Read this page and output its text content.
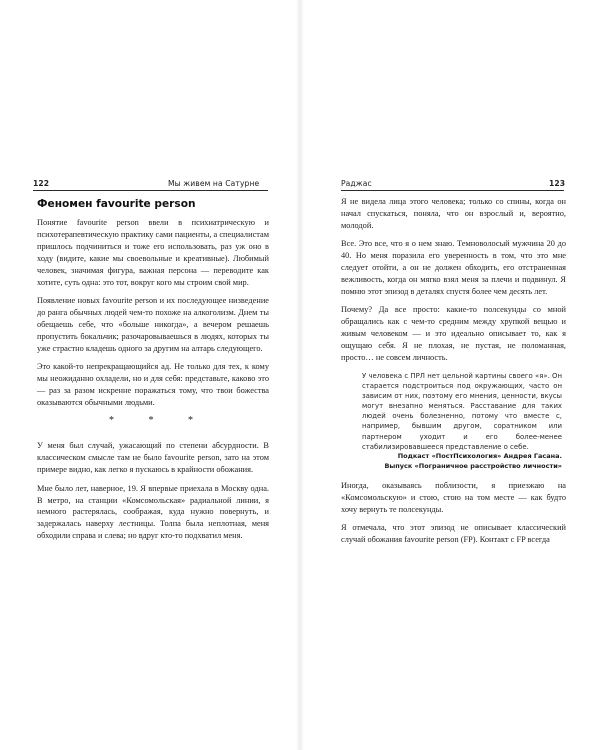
122	Мы живем на Сатурне
Феномен favourite person

Понятие favourite person ввели в психиатрическую и психотерапевтическую практику сами пациенты, а специалистам пришлось подчиниться и тоже его использовать, раз уж оно в ходу (видите, какие мы своевольные и креативные). Любимый человек, значимая фигура, важная персона — переводите как хотите, суть одна: это тот, вокруг кого мы строим свой мир.

Появление новых favourite person и их последующее низведение до ранга обычных людей чем-то похоже на алкоголизм. Днем ты обещаешь себе, что «больше никогда», а вечером решаешь пропустить бокальчик; разочаровываешься в людях, которых ты уже страстно кладешь одного за другим на алтарь следующего.

Это какой-то непрекращающийся ад. Не только для тех, к кому мы неожиданно охладели, но и для себя: представьте, каково это — раз за разом искренне поражаться тому, что твои божества оказываются обычными людьми.

* * *

У меня был случай, ужасающий по степени абсурдности. В классическом смысле там не было favourite person, зато на этом примере видно, как легко я пускаюсь в крайности обожания.

Мне было лет, наверное, 19. Я впервые приехала в Москву одна. В метро, на станции «Комсомольская» радиальной линии, я немного растерялась, соображая, куда нужно повернуть, и задержалась наверху лестницы. Толпа была неплотная, меня обходили справа и слева; но вдруг кто-то подхватил меня.

Раджас	123

Я не видела лица этого человека; только со спины, когда он начал спускаться, поняла, что он взрослый и, вероятно, молодой.

Все. Это все, что я о нем знаю. Темноволосый мужчина 20 до 40. Но меня поразила его уверенность в том, что это мне следует отойти, а он не должен обходить, его отстраненная вежливость, когда он мягко взял меня за плечи и подвинул. Я помню этот эпизод в деталях спустя более чем десять лет.

Почему? Да все просто: какие-то полсекунды со мной обращались как с чем-то средним между хрупкой вещью и живым человеком — и это идеально описывает то, как я ощущаю себя. Я не плохая, не пустая, не поломанная, просто… не совсем личность.

У человека с ПРЛ нет цельной картины своего «я». Он старается подстроиться под окружающих, часто он зависим от них, поэтому его мнения, ценности, вкусы могут внезапно меняться. Расставание для таких людей очень болезненно, потому что вместе с, например, бывшим другом, соратником или партнером уходит и его более-менее стабилизировавшееся представление о себе.
Подкаст «ПостПсихология» Андрея Гасана.
Выпуск «Пограничное расстройство личности»

Иногда, оказываясь поблизости, я приезжаю на «Комсомольскую» и стою, стою на том месте — как будто хочу вернуть те полсекунды.

Я отмечала, что этот эпизод не описывает классический случай обожания favourite person (FP). Контакт с FP всегда
